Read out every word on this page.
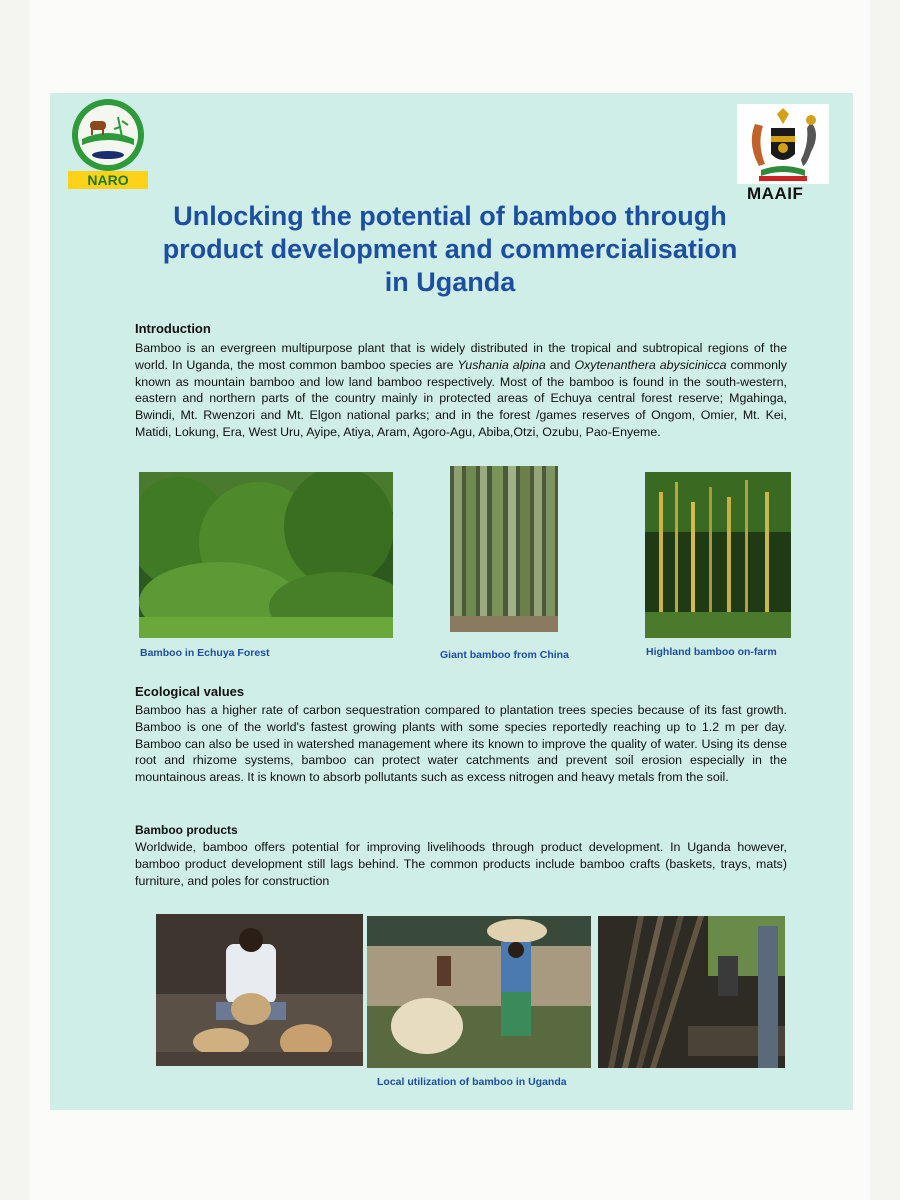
NARO
MAAIF
Unlocking the potential of bamboo through
product development and commercialisation
in Uganda
Introduction
Bamboo is an evergreen multipurpose plant that is widely distributed in the tropical and subtropical regions of the world. In Uganda, the most common bamboo species are Yushania alpina and Oxytenanthera abysicinicca commonly known as mountain bamboo and low land bamboo respectively. Most of the bamboo is found in the south-western, eastern and northern parts of the country mainly in protected areas of Echuya central forest reserve; Mgahinga, Bwindi, Mt. Rwenzori and Mt. Elgon national parks; and in the forest /games reserves of Ongom, Omier, Mt. Kei, Matidi, Lokung, Era, West Uru, Ayipe, Atiya, Aram, Agoro-Agu, Abiba,Otzi, Ozubu, Pao-Enyeme.
Bamboo in Echuya Forest	Giant bamboo from China	Highland bamboo on-farm
Ecological values
Bamboo has a higher rate of carbon sequestration compared to plantation trees species because of its fast growth. Bamboo is one of the world's fastest growing plants with some species reportedly reaching up to 1.2 m per day. Bamboo can also be used in watershed management where its known to improve the quality of water. Using its dense root and rhizome systems, bamboo can protect water catchments and prevent soil erosion especially in the mountainous areas. It is known to absorb pollutants such as excess nitrogen and heavy metals from the soil.
Bamboo products
Worldwide, bamboo offers potential for improving livelihoods through product development. In Uganda however, bamboo product development still lags behind. The common products include bamboo crafts (baskets, trays, mats) furniture, and poles for construction
Local utilization of bamboo in Uganda
